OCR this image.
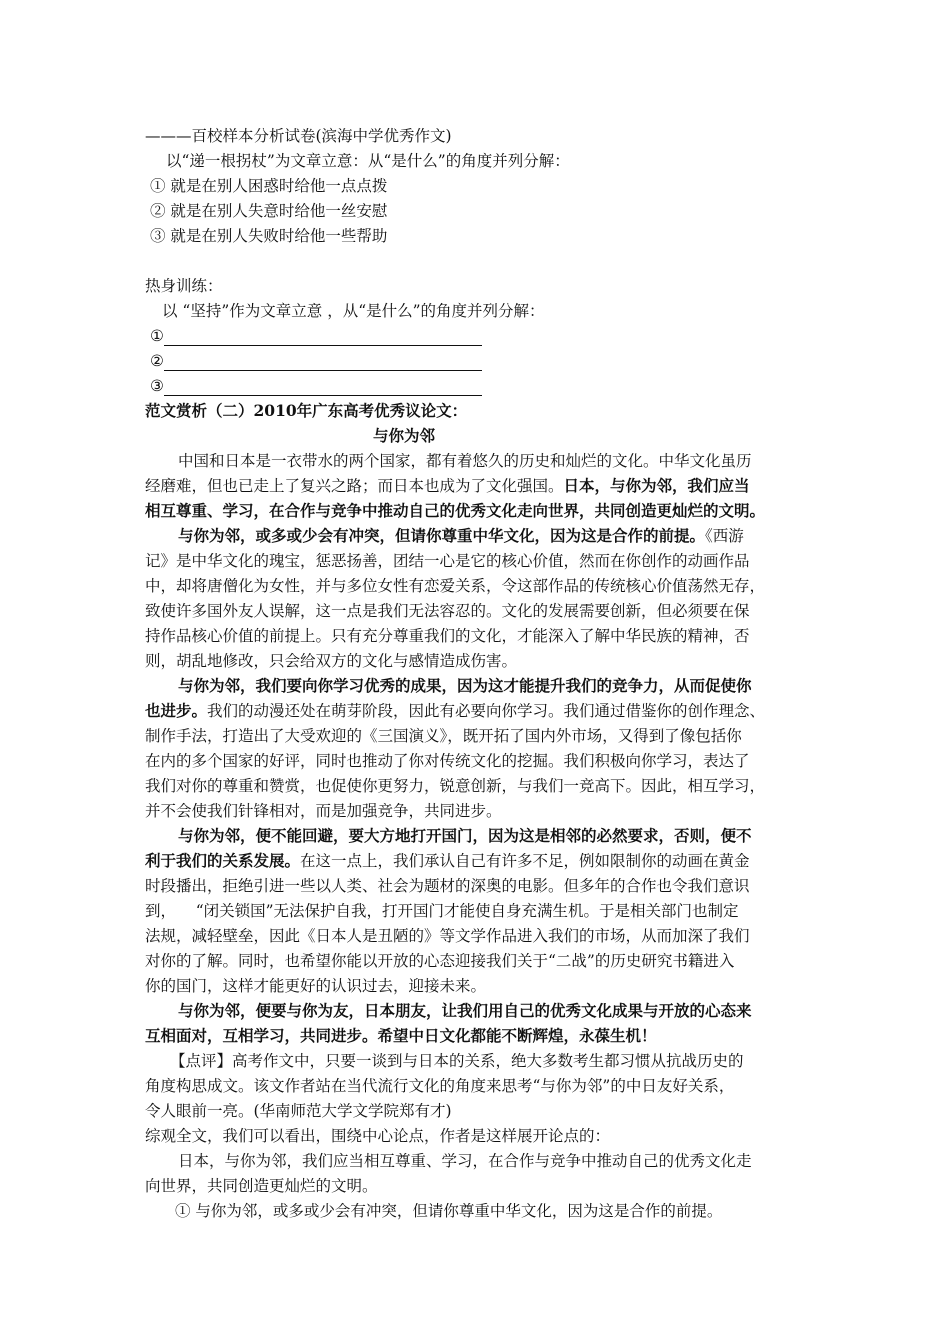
———百校样本分析试卷(滨海中学优秀作文)
以“递一根拐杖”为文章立意：从“是什么”的角度并列分解：
① 就是在别人困惑时给他一点点拨
② 就是在别人失意时给他一丝安慰
③ 就是在别人失败时给他一些帮助
热身训练：
以 “坚持”作为文章立意 ，从“是什么”的角度并列分解：
①
②
③
范文赏析（二）2010年广东高考优秀议论文：
与你为邻
中国和日本是一衣带水的两个国家，都有着悠久的历史和灿烂的文化。中华文化虽历
经磨难，但也已走上了复兴之路；而日本也成为了文化强国。日本，与你为邻，我们应当
相互尊重、学习，在合作与竞争中推动自己的优秀文化走向世界，共同创造更灿烂的文明。
与你为邻，或多或少会有冲突，但请你尊重中华文化，因为这是合作的前提。《西游
记》是中华文化的瑰宝，惩恶扬善，团结一心是它的核心价值，然而在你创作的动画作品
中，却将唐僧化为女性，并与多位女性有恋爱关系，令这部作品的传统核心价值荡然无存，
致使许多国外友人误解，这一点是我们无法容忍的。文化的发展需要创新，但必须要在保
持作品核心价值的前提上。只有充分尊重我们的文化，才能深入了解中华民族的精神，否
则，胡乱地修改，只会给双方的文化与感情造成伤害。
与你为邻，我们要向你学习优秀的成果，因为这才能提升我们的竞争力，从而促使你
也进步。我们的动漫还处在萌芽阶段，因此有必要向你学习。我们通过借鉴你的创作理念、
制作手法，打造出了大受欢迎的《三国演义》，既开拓了国内外市场，又得到了像包括你
在内的多个国家的好评，同时也推动了你对传统文化的挖掘。我们积极向你学习，表达了
我们对你的尊重和赞赏，也促使你更努力，锐意创新，与我们一竞高下。因此，相互学习，
并不会使我们针锋相对，而是加强竞争，共同进步。
与你为邻，便不能回避，要大方地打开国门，因为这是相邻的必然要求，否则，便不
利于我们的关系发展。在这一点上，我们承认自己有许多不足，例如限制你的动画在黄金
时段播出，拒绝引进一些以人类、社会为题材的深奥的电影。但多年的合作也令我们意识
到，    “闭关锁国”无法保护自我，打开国门才能使自身充满生机。于是相关部门也制定
法规，减轻壁垒，因此《日本人是丑陋的》等文学作品进入我们的市场，从而加深了我们
对你的了解。同时，也希望你能以开放的心态迎接我们关于“二战”的历史研究书籍进入
你的国门，这样才能更好的认识过去，迎接未来。
与你为邻，便要与你为友，日本朋友，让我们用自己的优秀文化成果与开放的心态来
互相面对，互相学习，共同进步。希望中日文化都能不断辉煌，永葆生机！
【点评】高考作文中，只要一谈到与日本的关系，绝大多数考生都习惯从抗战历史的
角度构思成文。该文作者站在当代流行文化的角度来思考“与你为邻”的中日友好关系，
令人眼前一亮。(华南师范大学文学院郑有才)
综观全文，我们可以看出，围绕中心论点，作者是这样展开论点的：
日本，与你为邻，我们应当相互尊重、学习，在合作与竞争中推动自己的优秀文化走
向世界，共同创造更灿烂的文明。
① 与你为邻，或多或少会有冲突，但请你尊重中华文化，因为这是合作的前提。
